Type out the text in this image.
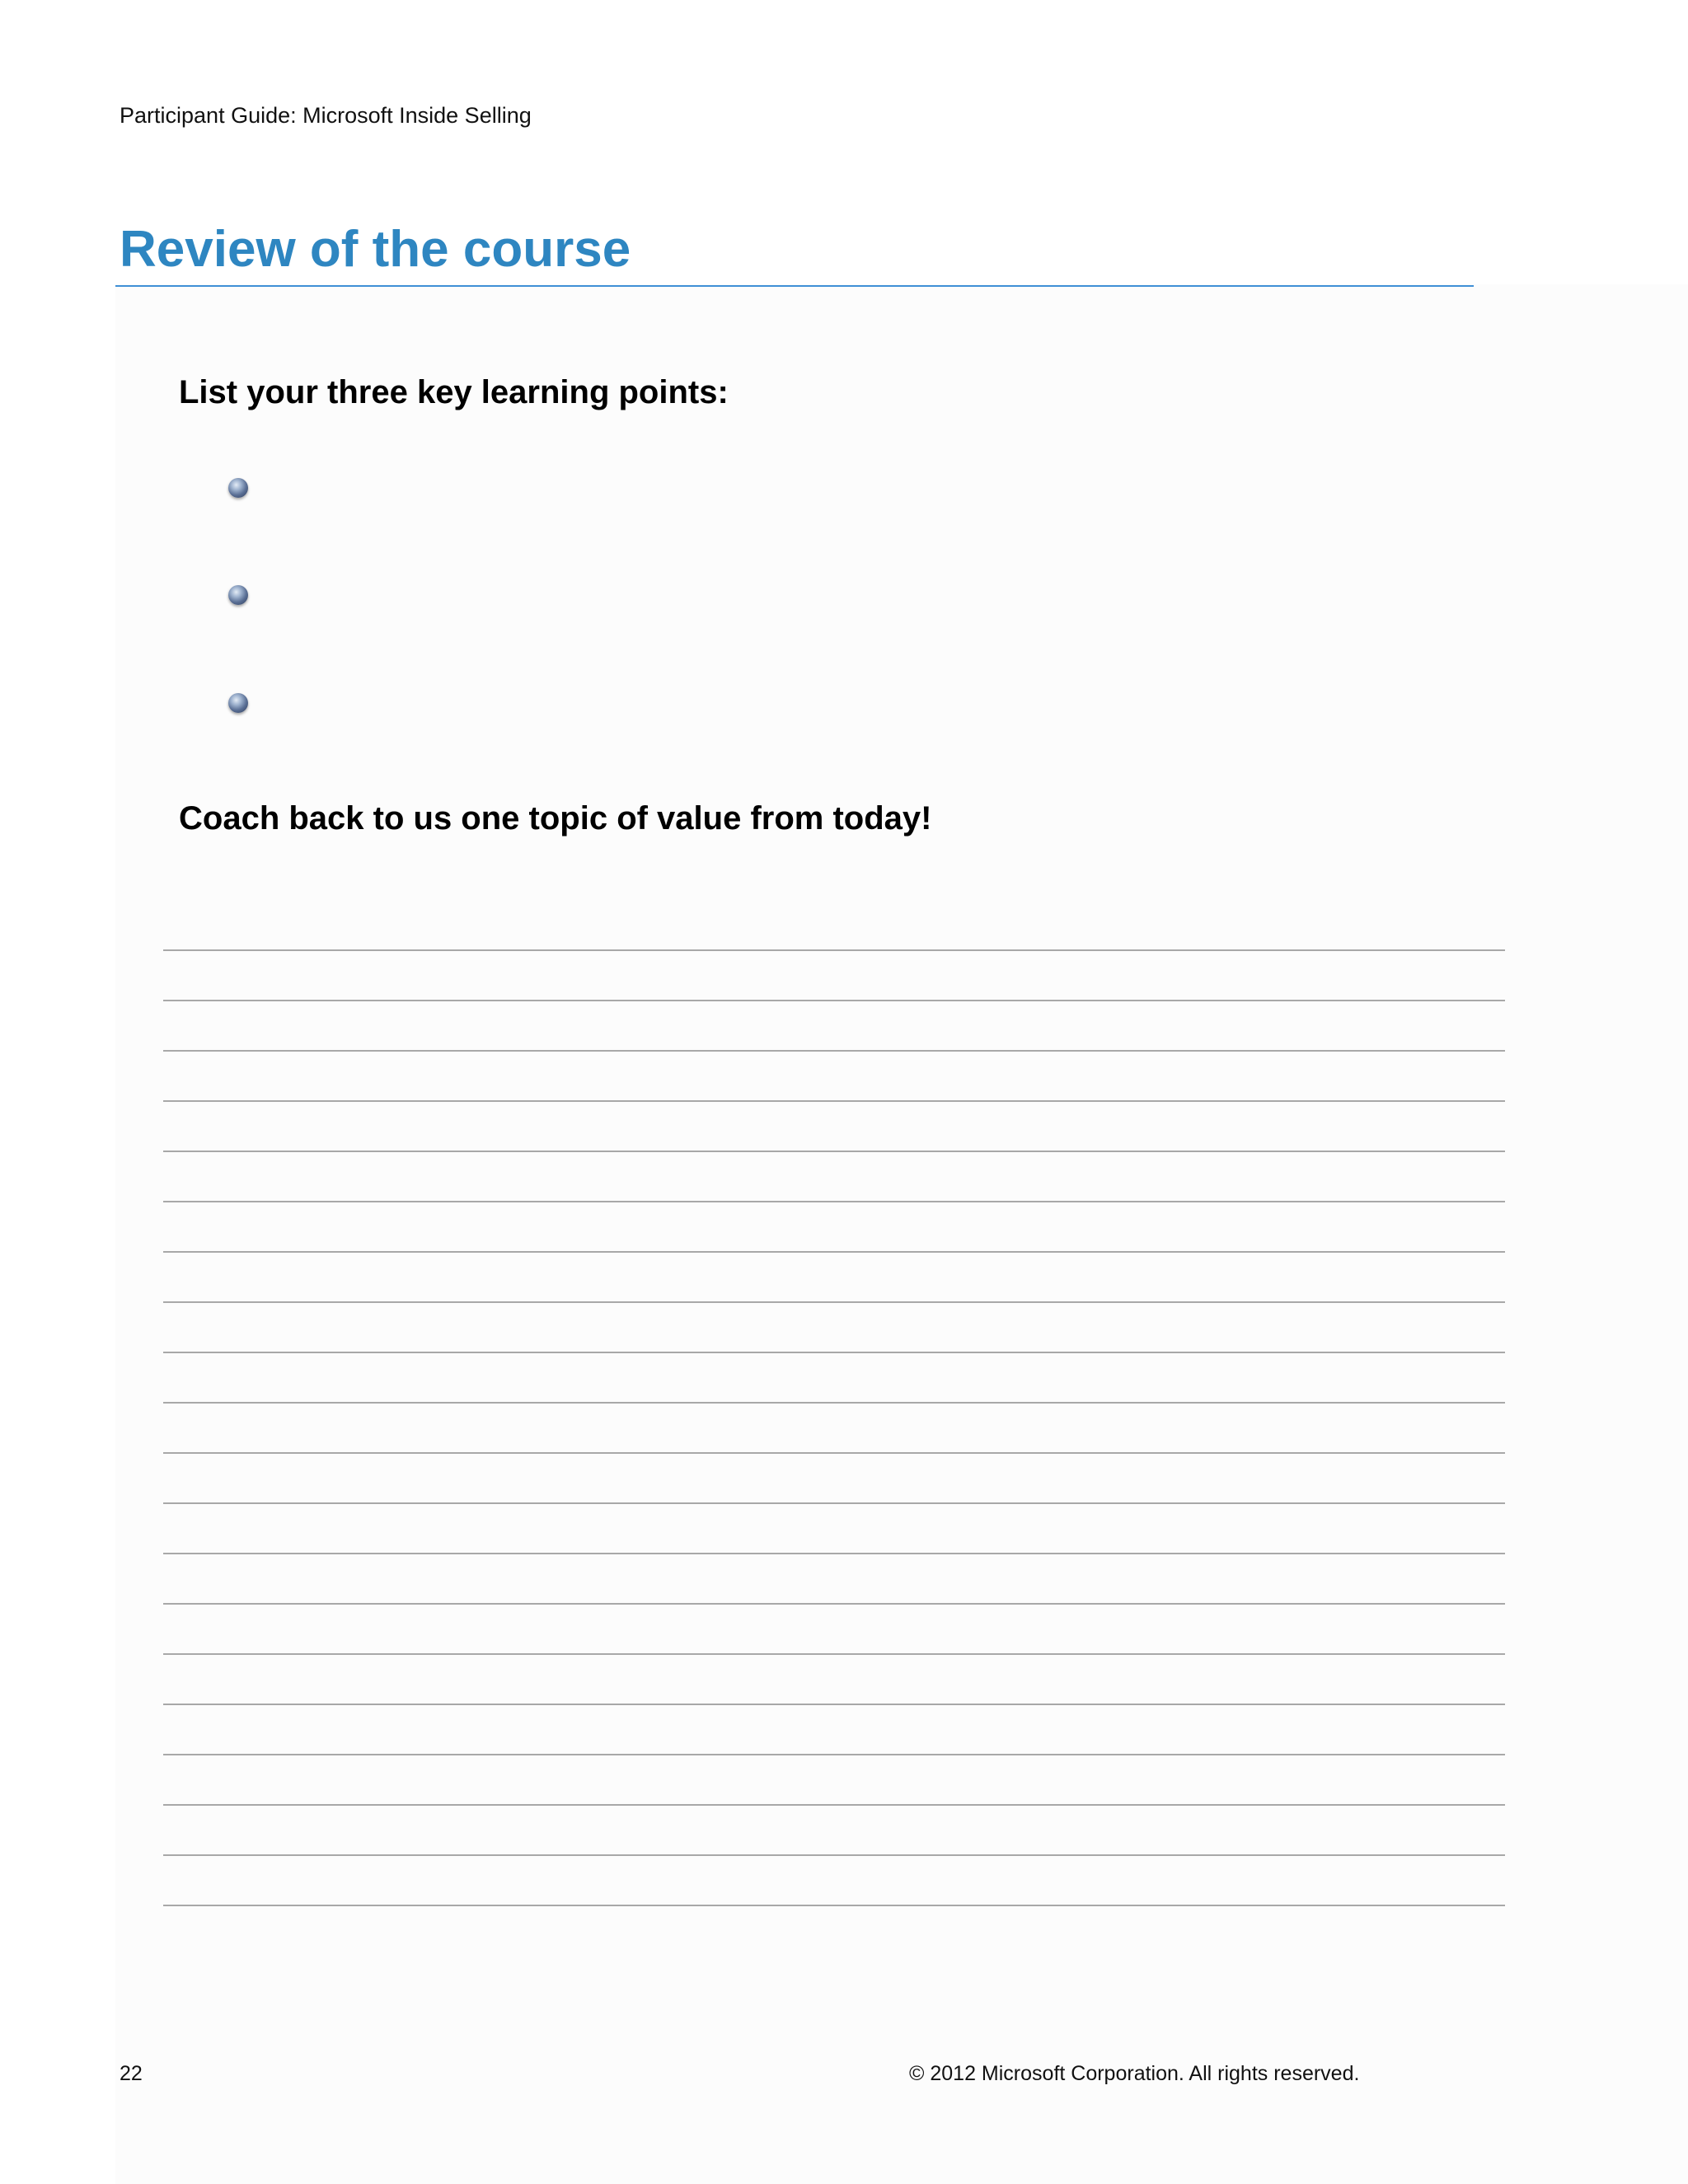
Participant Guide: Microsoft Inside Selling
Review of the course
List your three key learning points:
Coach back to us one topic of value from today!
22	© 2012 Microsoft Corporation. All rights reserved.
